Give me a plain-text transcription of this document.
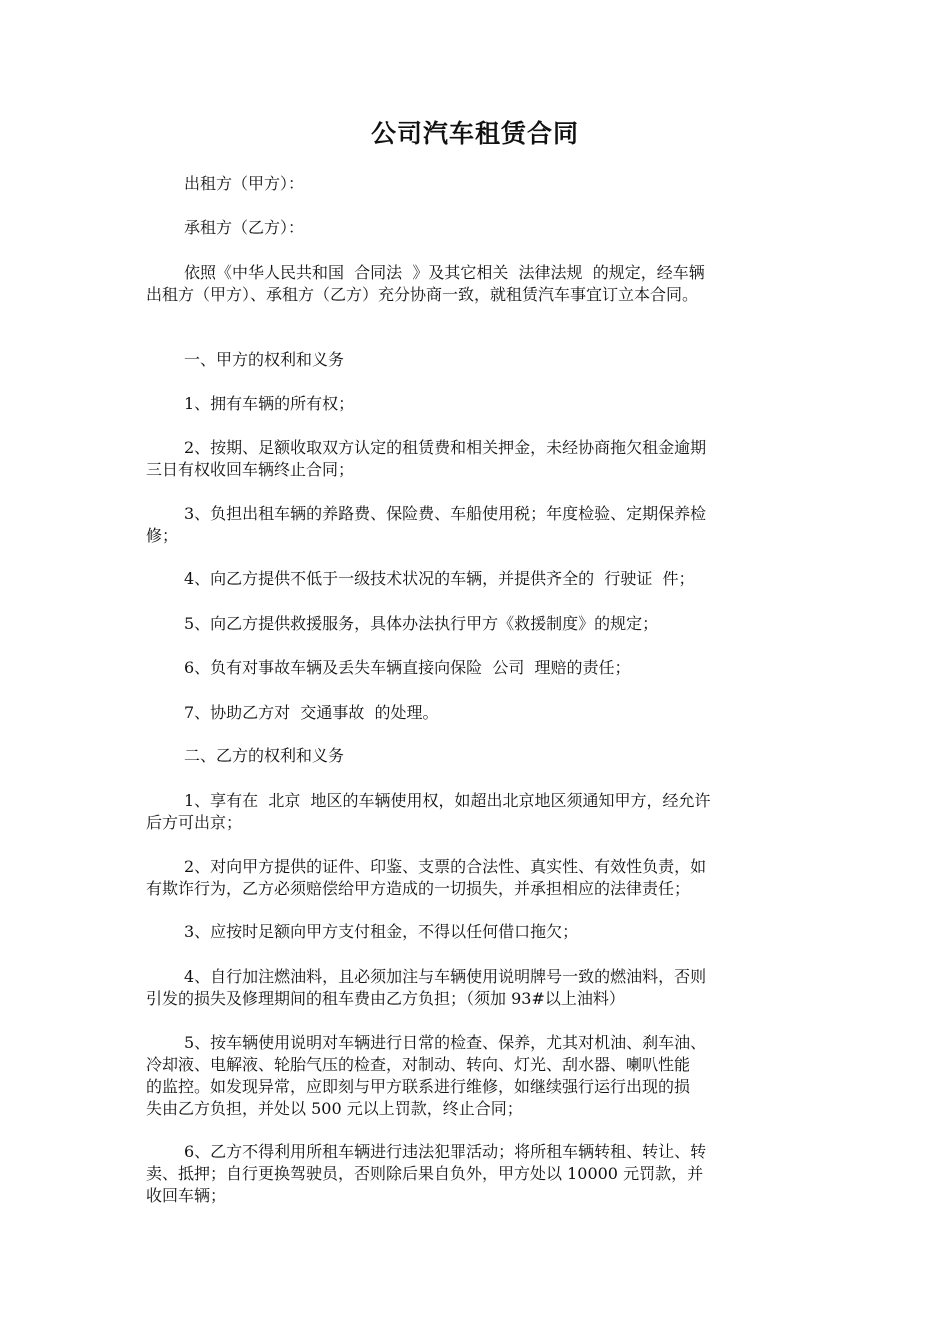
公司汽车租赁合同
出租方（甲方）：
承租方（乙方）：
依照《中华人民共和国  合同法  》及其它相关  法律法规  的规定，经车辆
出租方（甲方）、承租方（乙方）充分协商一致，就租赁汽车事宜订立本合同。
一、甲方的权利和义务
1、拥有车辆的所有权；
2、按期、足额收取双方认定的租赁费和相关押金，未经协商拖欠租金逾期
三日有权收回车辆终止合同；
3、负担出租车辆的养路费、保险费、车船使用税；年度检验、定期保养检
修；
4、向乙方提供不低于一级技术状况的车辆，并提供齐全的  行驶证  件；
5、向乙方提供救援服务，具体办法执行甲方《救援制度》的规定；
6、负有对事故车辆及丢失车辆直接向保险  公司  理赔的责任；
7、协助乙方对  交通事故  的处理。
二、乙方的权利和义务
1、享有在  北京  地区的车辆使用权，如超出北京地区须通知甲方，经允许
后方可出京；
2、对向甲方提供的证件、印鉴、支票的合法性、真实性、有效性负责，如
有欺诈行为，乙方必须赔偿给甲方造成的一切损失，并承担相应的法律责任；
3、应按时足额向甲方支付租金，不得以任何借口拖欠；
4、自行加注燃油料，且必须加注与车辆使用说明牌号一致的燃油料，否则
引发的损失及修理期间的租车费由乙方负担；（须加 93#以上油料）
5、按车辆使用说明对车辆进行日常的检查、保养，尤其对机油、刹车油、
冷却液、电解液、轮胎气压的检查，对制动、转向、灯光、刮水器、喇叭性能
的监控。如发现异常，应即刻与甲方联系进行维修，如继续强行运行出现的损
失由乙方负担，并处以 500 元以上罚款，终止合同；
6、乙方不得利用所租车辆进行违法犯罪活动；将所租车辆转租、转让、转
卖、抵押；自行更换驾驶员，否则除后果自负外，甲方处以 10000 元罚款，并
收回车辆；
